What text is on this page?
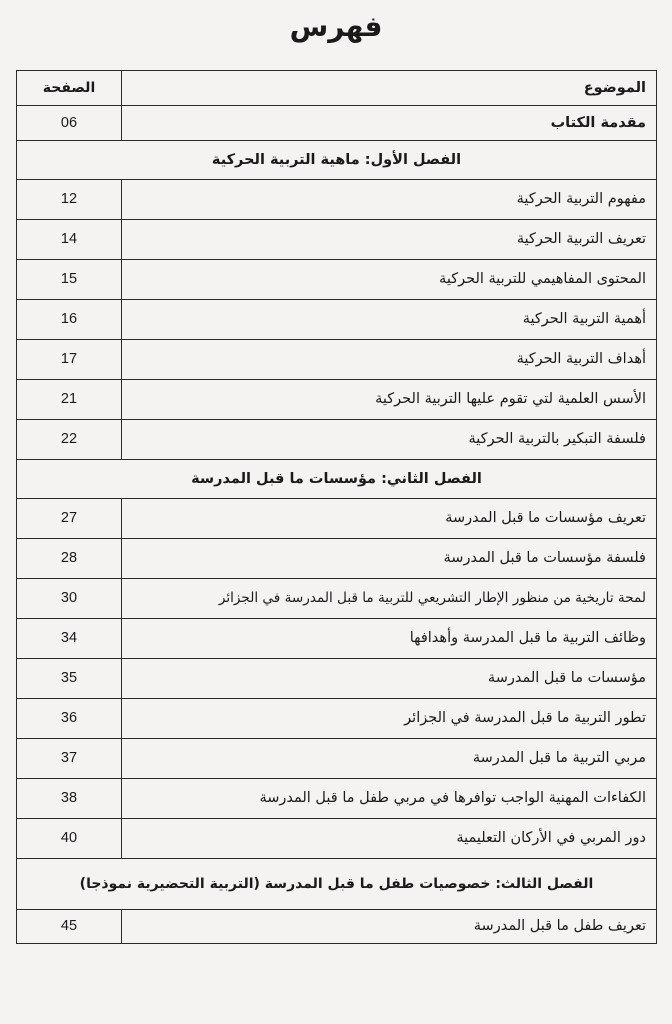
فهرس
الموضوع	الصفحة
مقدمة الكتاب	06
الفصل الأول: ماهية التربية الحركية	
مفهوم التربية الحركية	12
تعريف التربية الحركية	14
المحتوى المفاهيمي للتربية الحركية	15
أهمية التربية الحركية	16
أهداف التربية الحركية	17
الأسس العلمية لتي تقوم عليها التربية الحركية	21
فلسفة التبكير بالتربية الحركية	22
الفصل الثاني: مؤسسات ما قبل المدرسة	
تعريف مؤسسات ما قبل المدرسة	27
فلسفة مؤسسات ما قبل المدرسة	28
لمحة تاريخية من منظور الإطار التشريعي للتربية ما قبل المدرسة في الجزائر	30
وظائف التربية ما قبل المدرسة وأهدافها	34
مؤسسات ما قبل المدرسة	35
تطور التربية ما قبل المدرسة في الجزائر	36
مربي التربية ما قبل المدرسة	37
الكفاءات المهنية الواجب توافرها في مربي طفل ما قبل المدرسة	38
دور المربي في الأركان التعليمية	40
الفصل الثالث: خصوصيات طفل ما قبل المدرسة (التربية التحضيرية نموذجا)	
تعريف طفل ما قبل المدرسة	45
